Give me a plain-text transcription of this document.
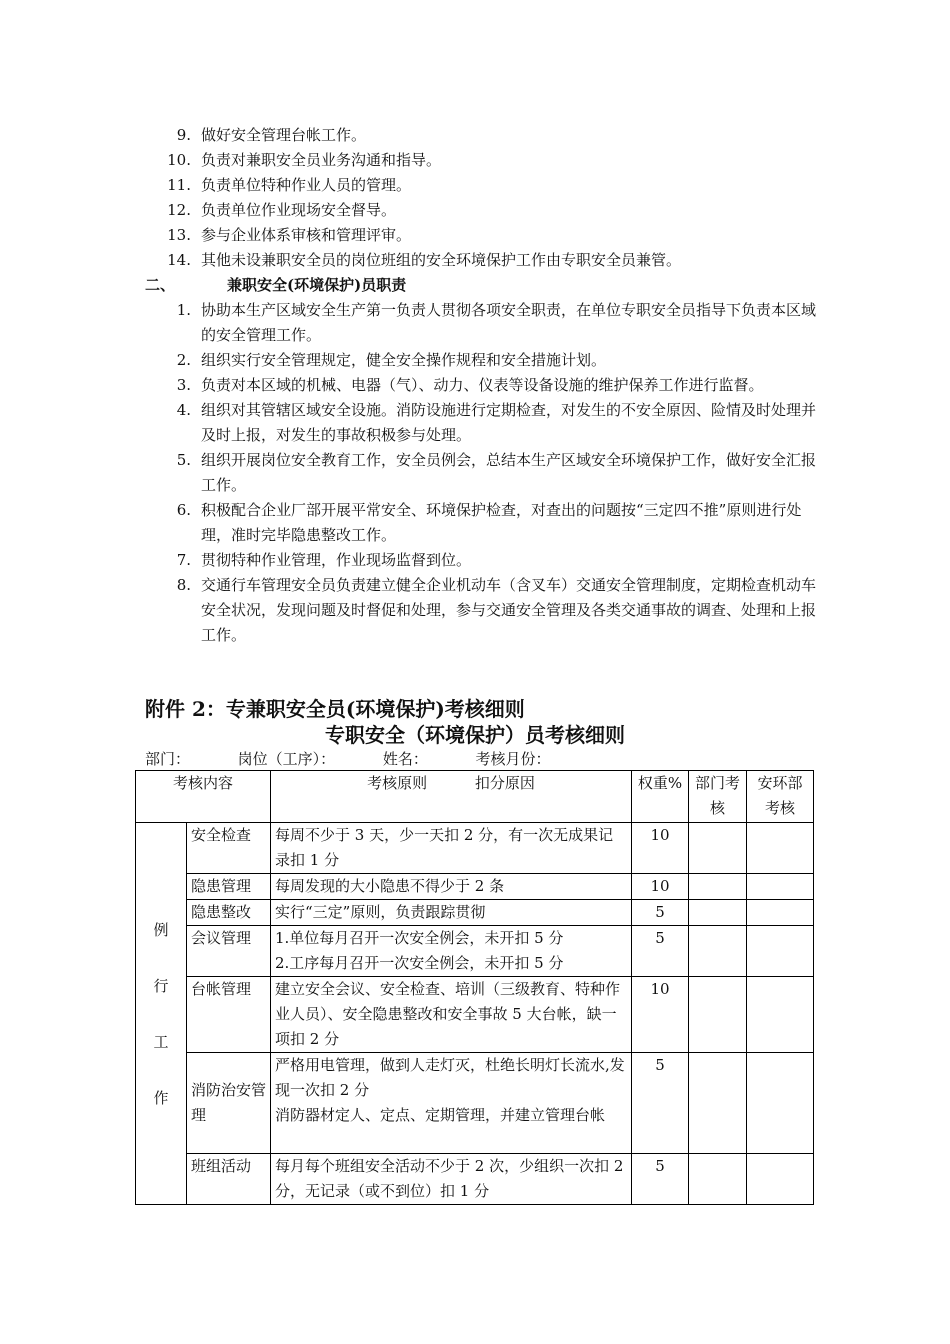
9. 做好安全管理台帐工作。
10. 负责对兼职安全员业务沟通和指导。
11. 负责单位特种作业人员的管理。
12. 负责单位作业现场安全督导。
13. 参与企业体系审核和管理评审。
14. 其他未设兼职安全员的岗位班组的安全环境保护工作由专职安全员兼管。
二、	兼职安全(环境保护)员职责
1. 协助本生产区域安全生产第一负责人贯彻各项安全职责，在单位专职安全员指导下负责本区域的安全管理工作。
2. 组织实行安全管理规定，健全安全操作规程和安全措施计划。
3. 负责对本区域的机械、电器（气）、动力、仪表等设备设施的维护保养工作进行监督。
4. 组织对其管辖区域安全设施。消防设施进行定期检查，对发生的不安全原因、险情及时处理并及时上报，对发生的事故积极参与处理。
5. 组织开展岗位安全教育工作，安全员例会，总结本生产区域安全环境保护工作，做好安全汇报工作。
6. 积极配合企业厂部开展平常安全、环境保护检查，对查出的问题按“三定四不推”原则进行处理，准时完毕隐患整改工作。
7. 贯彻特种作业管理，作业现场监督到位。
8. 交通行车管理安全员负责建立健全企业机动车（含叉车）交通安全管理制度，定期检查机动车安全状况，发现问题及时督促和处理，参与交通安全管理及各类交通事故的调查、处理和上报工作。
附件 2：专兼职安全员(环境保护)考核细则
专职安全（环境保护）员考核细则
部门：          岗位（工序）：          姓名：          考核月份：
考核内容		考核原则          扣分原因	权重%	部门考核	安环部考核

例
行
工
作	安全检查	每周不少于 3 天，少一天扣 2 分，有一次无成果记录扣 1 分	10		
	隐患管理	每周发现的大小隐患不得少于 2 条	10		
	隐患整改	实行“三定”原则，负责跟踪贯彻	5		
	会议管理	1.单位每月召开一次安全例会，未开扣 5 分
2.工序每月召开一次安全例会，未开扣 5 分	5		
	台帐管理	建立安全会议、安全检查、培训（三级教育、特种作业人员）、安全隐患整改和安全事故 5 大台帐，缺一项扣 2 分	10		
	消防治安管理	严格用电管理，做到人走灯灭，杜绝长明灯长流水,发现一次扣 2 分
消防器材定人、定点、定期管理，并建立管理台帐	5		
	班组活动	每月每个班组安全活动不少于 2 次，少组织一次扣 2 分，无记录（或不到位）扣 1 分	5		
